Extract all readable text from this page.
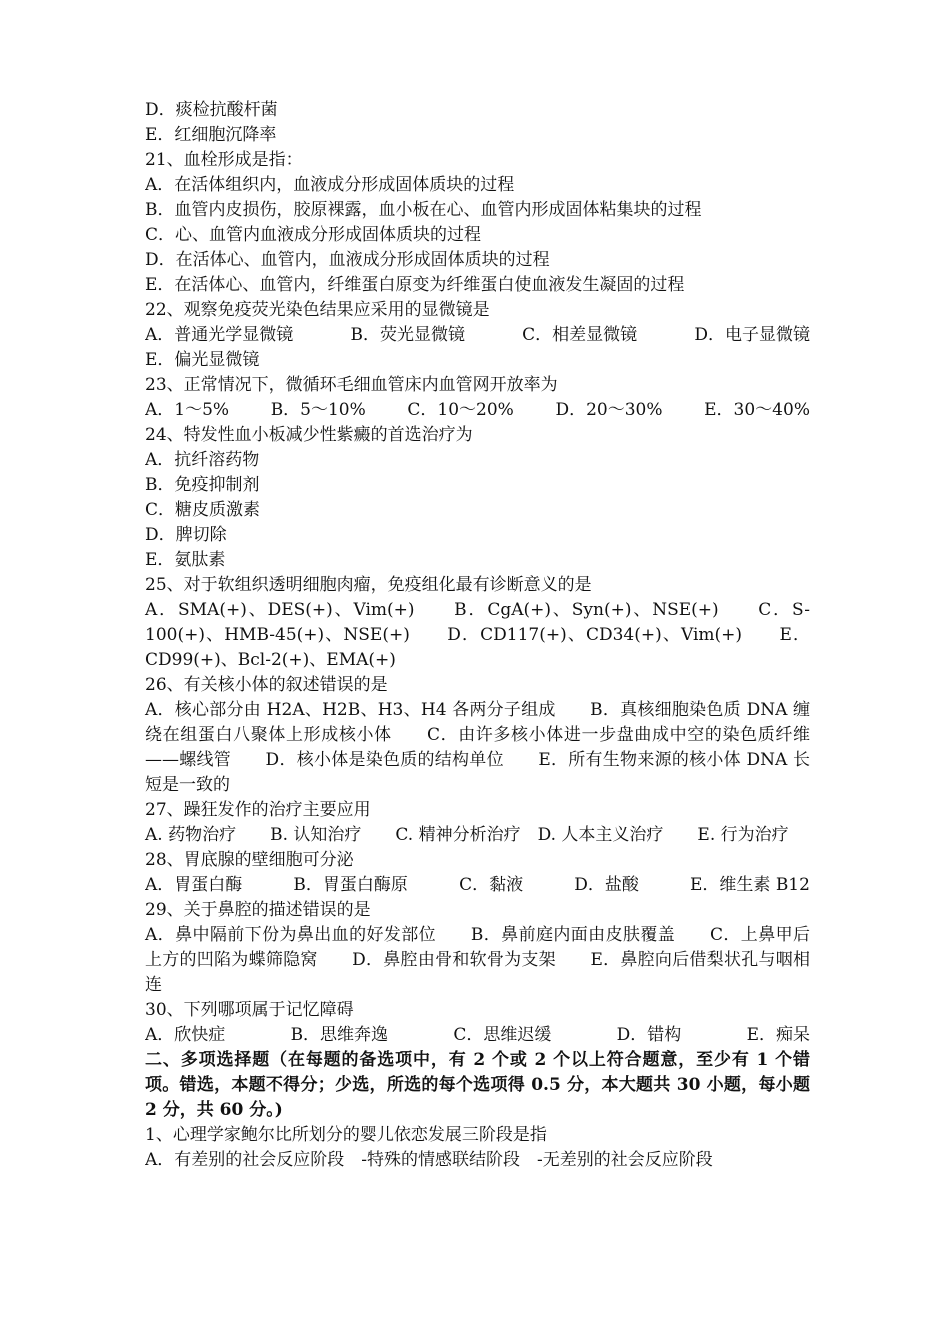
D．痰检抗酸杆菌
E．红细胞沉降率
21、血栓形成是指：
A．在活体组织内，血液成分形成固体质块的过程
B．血管内皮损伤，胶原裸露，血小板在心、血管内形成固体粘集块的过程
C．心、血管内血液成分形成固体质块的过程
D．在活体心、血管内，血液成分形成固体质块的过程
E．在活体心、血管内，纤维蛋白原变为纤维蛋白使血液发生凝固的过程
22、观察免疫荧光染色结果应采用的显微镜是
A．普通光学显微镜	B．荧光显微镜	C．相差显微镜	D．电子显微镜
E．偏光显微镜
23、正常情况下，微循环毛细血管床内血管网开放率为
A．1～5% B．5～10% C．10～20% D．20～30% E．30～40%
24、特发性血小板减少性紫癜的首选治疗为
A．抗纤溶药物
B．免疫抑制剂
C．糖皮质激素
D．脾切除
E．氨肽素
25、对于软组织透明细胞肉瘤，免疫组化最有诊断意义的是
A．SMA(+)、DES(+)、Vim(+)　　B．CgA(+)、Syn(+)、NSE(+)　　C．S-100(+)、HMB-45(+)、NSE(+)　　D．CD117(+)、CD34(+)、Vim(+)　　E．CD99(+)、Bcl-2(+)、EMA(+)
26、有关核小体的叙述错误的是
A．核心部分由 H2A、H2B、H3、H4 各两分子组成　　B．真核细胞染色质 DNA 缠绕在组蛋白八聚体上形成核小体　　C．由许多核小体进一步盘曲成中空的染色质纤维——螺线管　　D．核小体是染色质的结构单位　　E．所有生物来源的核小体 DNA 长短是一致的
27、躁狂发作的治疗主要应用
A. 药物治疗　　B. 认知治疗　　C. 精神分析治疗　D. 人本主义治疗　　E. 行为治疗
28、胃底腺的壁细胞可分泌
A．胃蛋白酶	B．胃蛋白酶原	C．黏液	D．盐酸	E．维生素 B12
29、关于鼻腔的描述错误的是
A．鼻中隔前下份为鼻出血的好发部位　　B．鼻前庭内面由皮肤覆盖　　C．上鼻甲后上方的凹陷为蝶筛隐窝　　D．鼻腔由骨和软骨为支架　　E．鼻腔向后借梨状孔与咽相连
30、下列哪项属于记忆障碍
A．欣快症	B．思维奔逸	C．思维迟缓	D．错构	E．痴呆
二、多项选择题（在每题的备选项中，有 2 个或 2 个以上符合题意，至少有 1 个错项。错选，本题不得分；少选，所选的每个选项得 0.5 分，本大题共 30 小题，每小题 2 分，共 60 分。)
1、心理学家鲍尔比所划分的婴儿依恋发展三阶段是指
A．有差别的社会反应阶段　-特殊的情感联结阶段　-无差别的社会反应阶段
